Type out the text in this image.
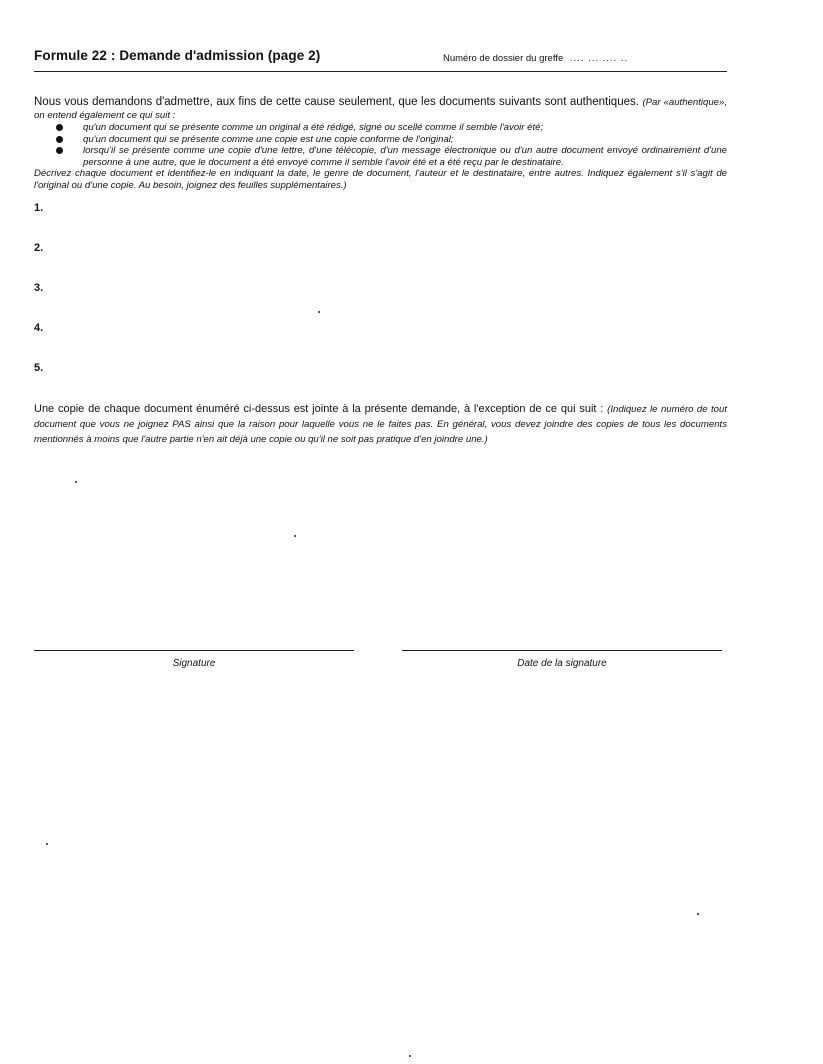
Formule 22 : Demande d'admission (page 2)	Numéro de dossier du greffe .... ... .... ..
Nous vous demandons d'admettre, aux fins de cette cause seulement, que les documents suivants sont authentiques. (Par «authentique», on entend également ce qui suit :
qu'un document qui se présente comme un original a été rédigé, signé ou scellé comme il semble l'avoir été;
qu'un document qui se présente comme une copie est une copie conforme de l'original;
lorsqu'il se présente comme une copie d'une lettre, d'une télécopie, d'un message électronique ou d'un autre document envoyé ordinairement d'une personne à une autre, que le document a été envoyé comme il semble l'avoir été et a été reçu par le destinataire.
Décrivez chaque document et identifiez-le en indiquant la date, le genre de document, l'auteur et le destinataire, entre autres. Indiquez également s'il s'agit de l'original ou d'une copie. Au besoin, joignez des feuilles supplémentaires.)
1.
2.
3.
4.
5.
Une copie de chaque document énuméré ci-dessus est jointe à la présente demande, à l'exception de ce qui suit : (Indiquez le numéro de tout document que vous ne joignez PAS ainsi que la raison pour laquelle vous ne le faites pas. En général, vous devez joindre des copies de tous les documents mentionnés à moins que l'autre partie n'en ait déjà une copie ou qu'il ne soit pas pratique d'en joindre une.)
Signature	Date de la signature
